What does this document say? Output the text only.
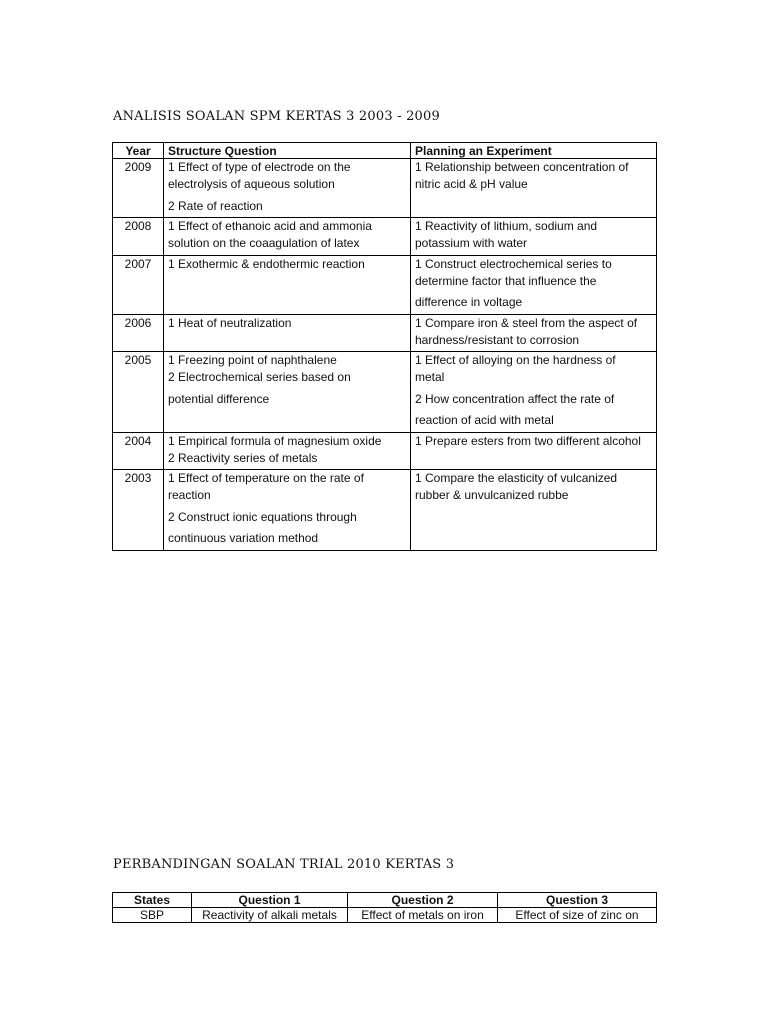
ANALISIS SOALAN SPM KERTAS 3 2003 - 2009
Year	Structure Question	Planning an Experiment
2009	1 Effect of type of electrode on the
electrolysis of aqueous solution
2 Rate of reaction	1 Relationship between concentration of
nitric acid & pH value

2008	1 Effect of ethanoic acid and ammonia
solution on the coaagulation of latex	1 Reactivity of lithium, sodium and
potassium with water

2007	1 Exothermic & endothermic reaction	1 Construct electrochemical series to
determine factor that influence the
difference in voltage

2006	1 Heat of neutralization	1 Compare iron & steel from the aspect of
hardness/resistant to corrosion

2005	1 Freezing point of naphthalene
2 Electrochemical series based on
potential difference	1 Effect of alloying on the hardness of
metal
2 How concentration affect the rate of
reaction of acid with metal

2004	1 Empirical formula of magnesium oxide
2 Reactivity series of metals	1 Prepare esters from two different alcohol

2003	1 Effect of temperature on the rate of
reaction
2 Construct ionic equations through
continuous variation method	1 Compare the elasticity of vulcanized
rubber & unvulcanized rubbe
PERBANDINGAN SOALAN TRIAL 2010 KERTAS 3
States	Question 1	Question 2	Question 3
SBP	Reactivity of alkali metals	Effect of metals on iron	Effect of size of zinc on
